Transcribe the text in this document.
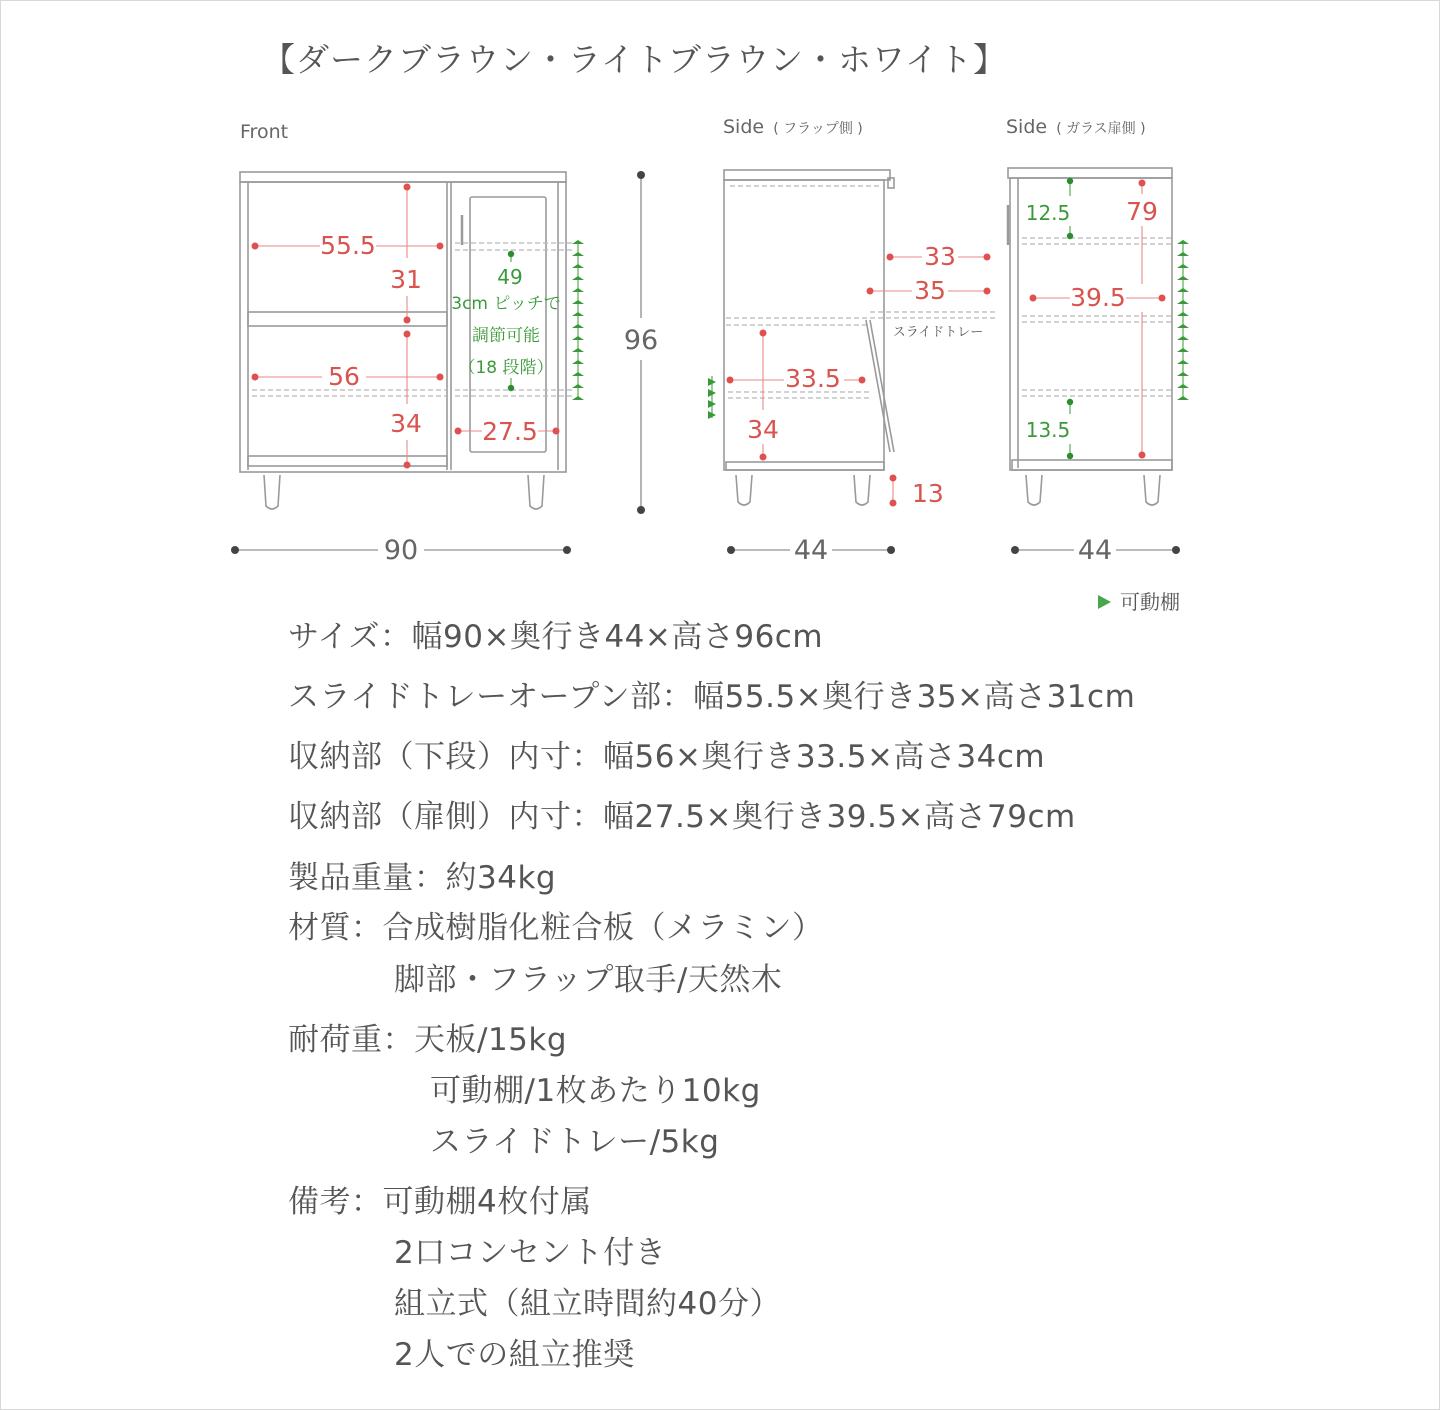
【ダークブラウン・ライトブラウン・ホワイト】
Front
55.5
31
56
34
49
3cm ピッチで
調節可能
（18 段階）
27.5
90
96
Side ( フラップ側 )
33
35
スライドトレー
33.5
34
13
44
Side ( ガラス扉側 )
12.5 79
39.5
13.5
44
可動棚
サイズ：幅90×奥行き44×高さ96cm
スライドトレーオープン部：幅55.5×奥行き35×高さ31cm
収納部（下段）内寸：幅56×奥行き33.5×高さ34cm
収納部（扉側）内寸：幅27.5×奥行き39.5×高さ79cm
製品重量：約34kg
材質：合成樹脂化粧合板（メラミン）
脚部・フラップ取手/天然木
耐荷重：天板/15kg
可動棚/1枚あたり10kg
スライドトレー/5kg
備考：可動棚4枚付属
2口コンセント付き
組立式（組立時間約40分）
2人での組立推奨
